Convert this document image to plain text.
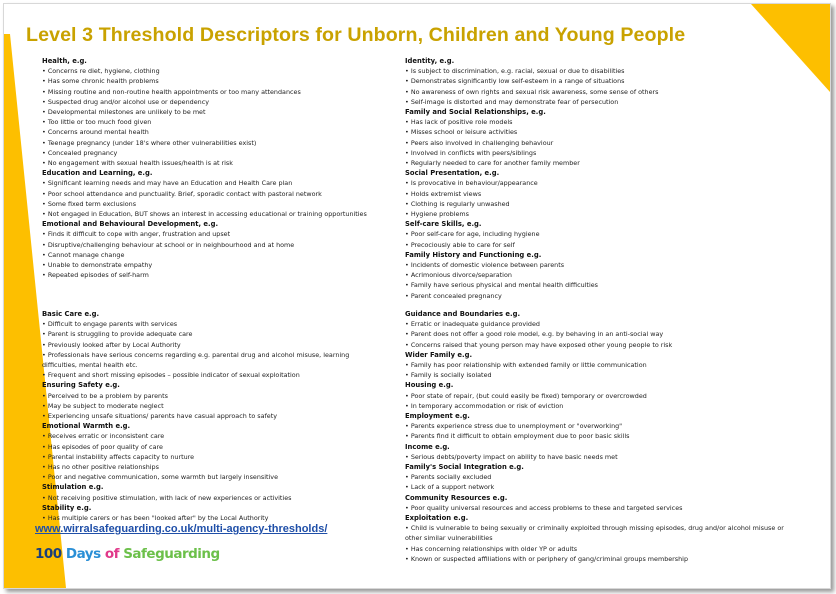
Level 3 Threshold Descriptors for Unborn, Children and Young People
Health, e.g.
• Concerns re diet, hygiene, clothing
• Has some chronic health problems
• Missing routine and non-routine health appointments or too many attendances
• Suspected drug and/or alcohol use or dependency
• Developmental milestones are unlikely to be met
• Too little or too much food given
• Concerns around mental health
• Teenage pregnancy (under 18's where other vulnerabilities exist)
• Concealed pregnancy
• No engagement with sexual health issues/health is at risk
Education and Learning, e.g.
• Significant learning needs and may have an Education and Health Care plan
• Poor school attendance and punctuality. Brief, sporadic contact with pastoral network
• Some fixed term exclusions
• Not engaged in Education, BUT shows an interest in accessing educational or training opportunities
Emotional and Behavioural Development, e.g.
• Finds it difficult to cope with anger, frustration and upset
• Disruptive/challenging behaviour at school or in neighbourhood and at home
• Cannot manage change
• Unable to demonstrate empathy
• Repeated episodes of self-harm
Basic Care e.g.
• Difficult to engage parents with services
• Parent is struggling to provide adequate care
• Previously looked after by Local Authority
• Professionals have serious concerns regarding e.g. parental drug and alcohol misuse, learning difficulties, mental health etc.
• Frequent and short missing episodes – possible indicator of sexual exploitation
Ensuring Safety e.g.
• Perceived to be a problem by parents
• May be subject to moderate neglect
• Experiencing unsafe situations/ parents have casual approach to safety
Emotional Warmth e.g.
• Receives erratic or inconsistent care
• Has episodes of poor quality of care
• Parental instability affects capacity to nurture
• Has no other positive relationships
• Poor and negative communication, some warmth but largely insensitive
Stimulation e.g.
• Not receiving positive stimulation, with lack of new experiences or activities
Stability e.g.
• Has multiple carers or has been "looked after" by the Local Authority
Identity, e.g.
• Is subject to discrimination, e.g. racial, sexual or due to disabilities
• Demonstrates significantly low self-esteem in a range of situations
• No awareness of own rights and sexual risk awareness, some sense of others
• Self-image is distorted and may demonstrate fear of persecution
Family and Social Relationships, e.g.
• Has lack of positive role models
• Misses school or leisure activities
• Peers also involved in challenging behaviour
• Involved in conflicts with peers/siblings
• Regularly needed to care for another family member
Social Presentation, e.g.
• Is provocative in behaviour/appearance
• Holds extremist views
• Clothing is regularly unwashed
• Hygiene problems
Self-care Skills, e.g.
• Poor self-care for age, including hygiene
• Precociously able to care for self
Family History and Functioning e.g.
• Incidents of domestic violence between parents
• Acrimonious divorce/separation
• Family have serious physical and mental health difficulties
• Parent concealed pregnancy
Guidance and Boundaries e.g.
• Erratic or inadequate guidance provided
• Parent does not offer a good role model, e.g. by behaving in an anti-social way
• Concerns raised that young person may have exposed other young people to risk
Wider Family e.g.
• Family has poor relationship with extended family or little communication
• Family is socially isolated
Housing e.g.
• Poor state of repair, (but could easily be fixed) temporary or overcrowded
• In temporary accommodation or risk of eviction
Employment e.g.
• Parents experience stress due to unemployment or "overworking"
• Parents find it difficult to obtain employment due to poor basic skills
Income e.g.
• Serious debts/poverty impact on ability to have basic needs met
Family's Social Integration e.g.
• Parents socially excluded
• Lack of a support network
Community Resources e.g.
• Poor quality universal resources and access problems to these and targeted services
Exploitation e.g.
• Child is vulnerable to being sexually or criminally exploited through missing episodes, drug and/or alcohol misuse or other similar vulnerabilities
• Has concerning relationships with older YP or adults
• Known or suspected affiliations with or periphery of gang/criminal groups membership
www.wirralsafeguarding.co.uk/multi-agency-thresholds/
100 Days of Safeguarding
